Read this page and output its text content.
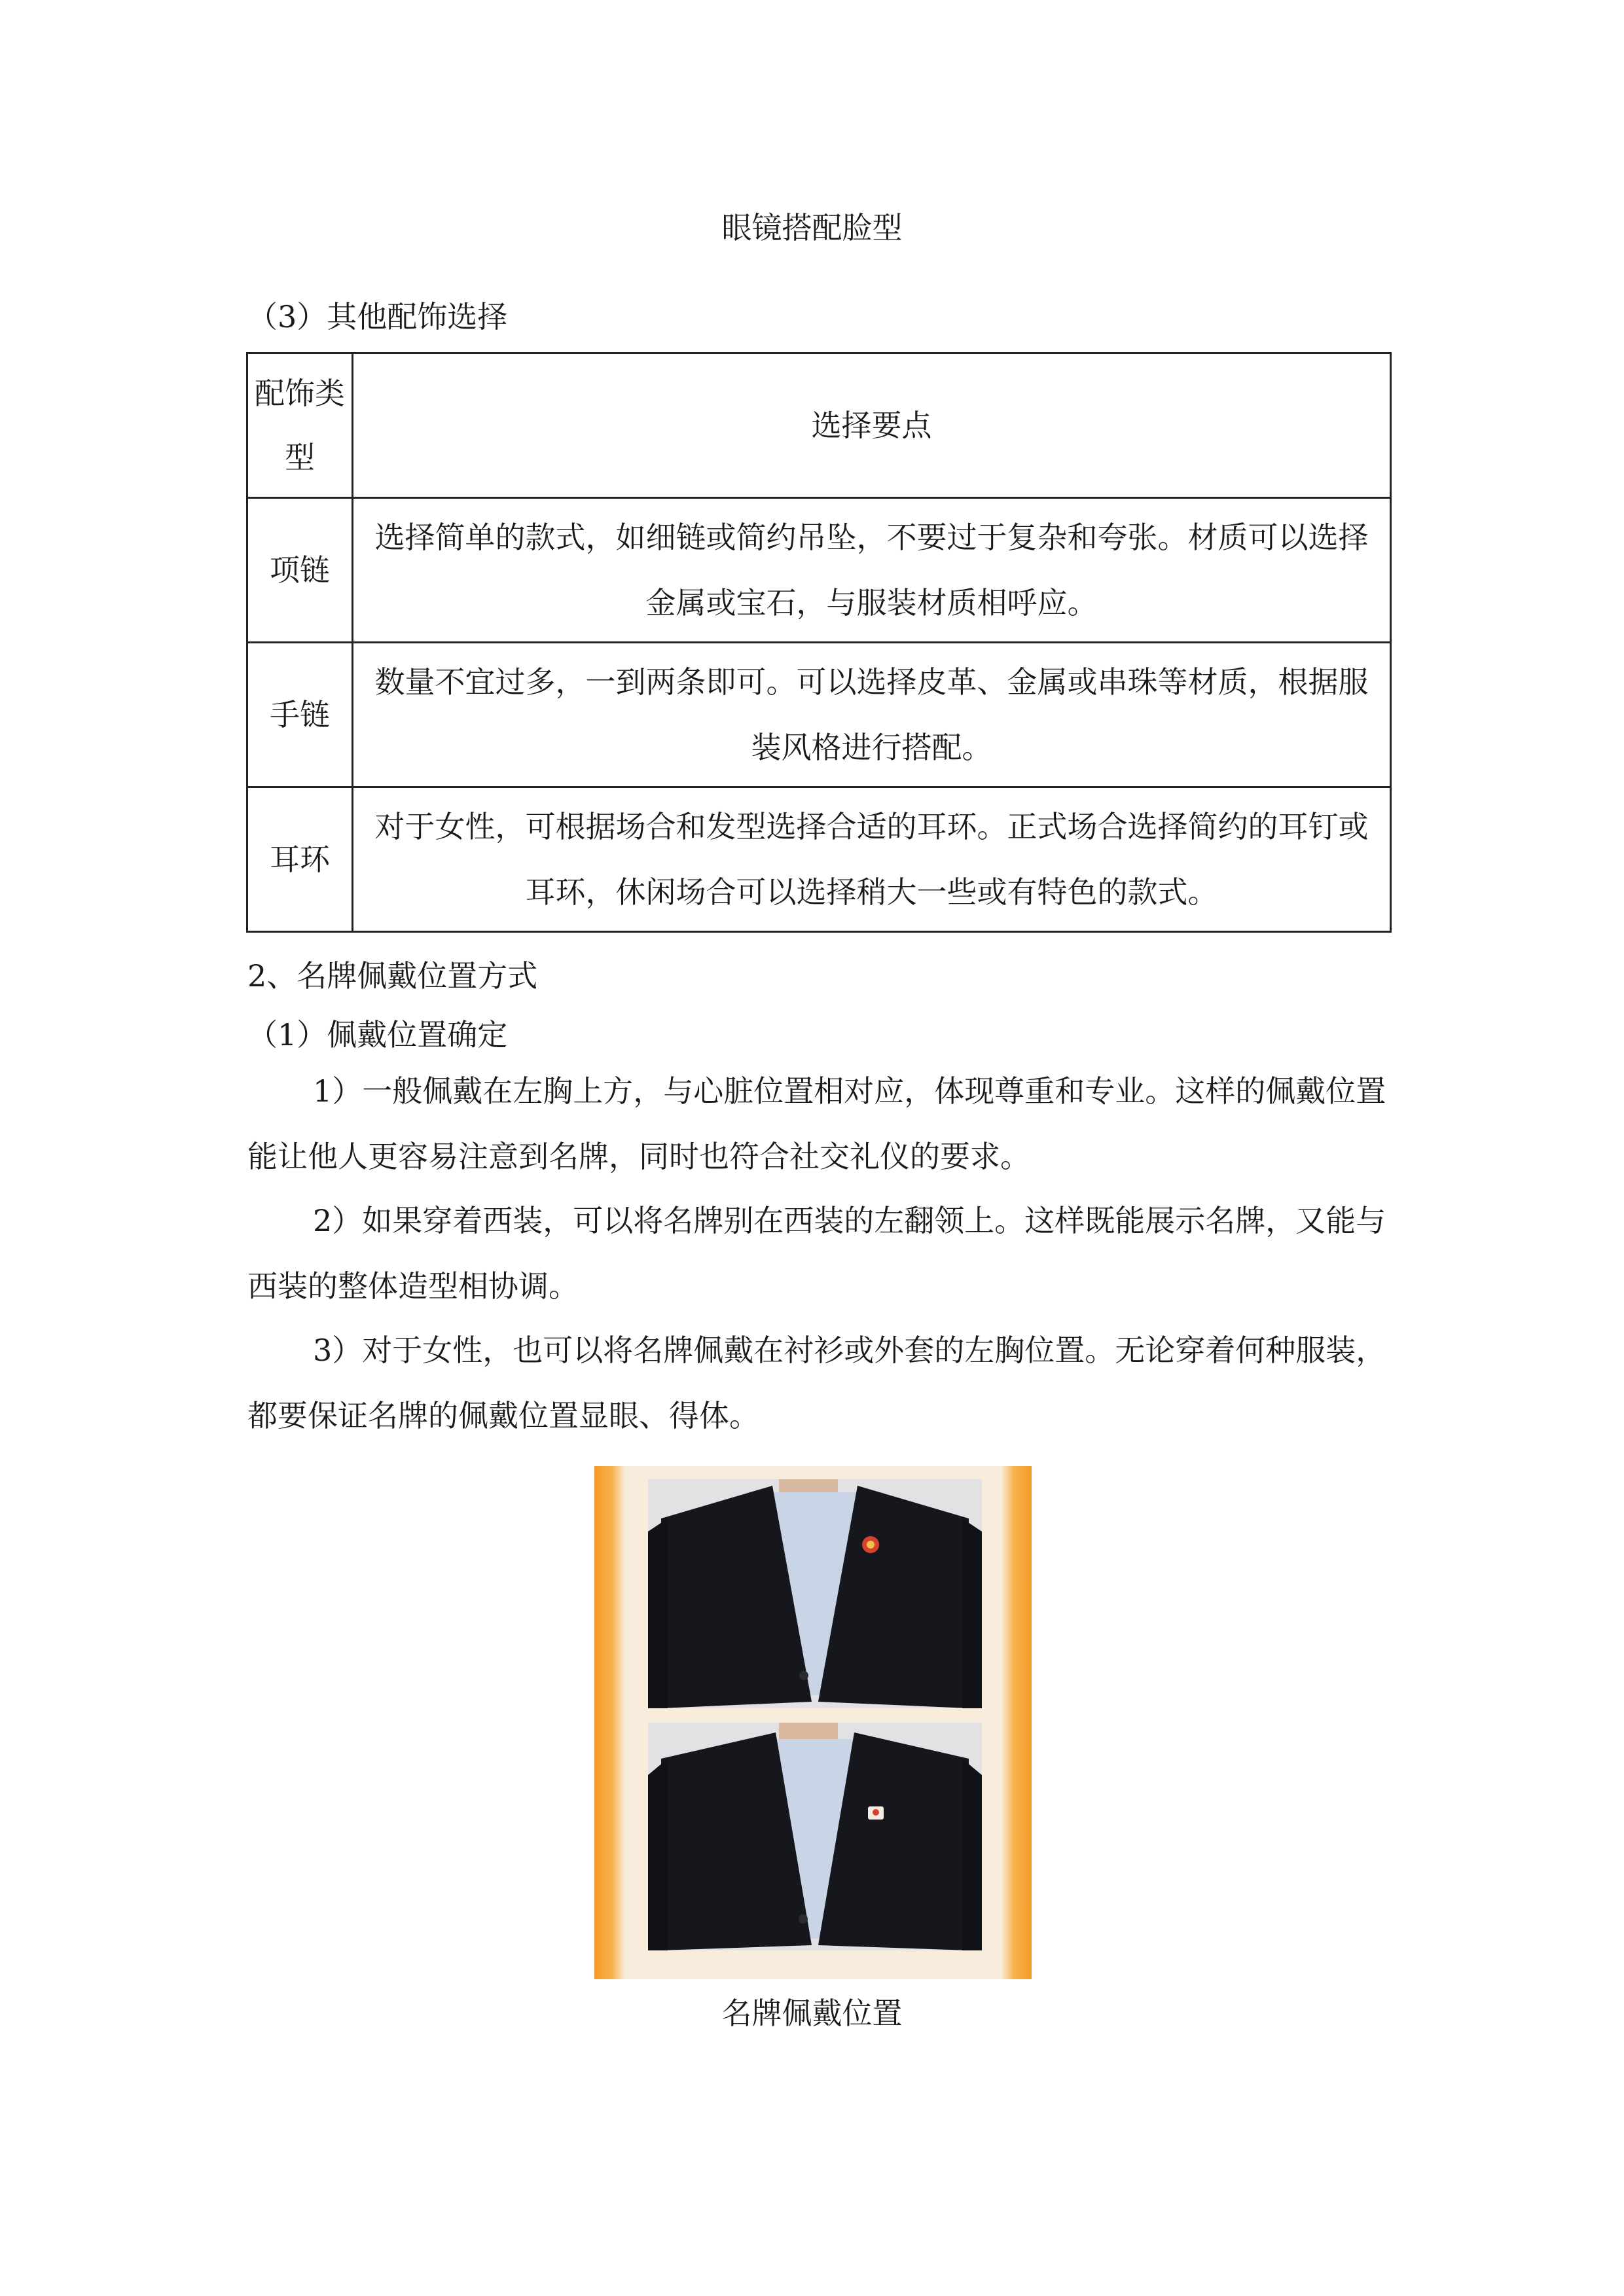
眼镜搭配脸型
（3）其他配饰选择
配饰类型	选择要点
项链	选择简单的款式，如细链或简约吊坠，不要过于复杂和夸张。材质可以选择金属或宝石，与服装材质相呼应。
手链	数量不宜过多，一到两条即可。可以选择皮革、金属或串珠等材质，根据服装风格进行搭配。
耳环	对于女性，可根据场合和发型选择合适的耳环。正式场合选择简约的耳钉或耳环，休闲场合可以选择稍大一些或有特色的款式。
2、名牌佩戴位置方式
（1）佩戴位置确定

1）一般佩戴在左胸上方，与心脏位置相对应，体现尊重和专业。这样的佩戴位置能让他人更容易注意到名牌，同时也符合社交礼仪的要求。

2）如果穿着西装，可以将名牌别在西装的左翻领上。这样既能展示名牌，又能与西装的整体造型相协调。

3）对于女性，也可以将名牌佩戴在衬衫或外套的左胸位置。无论穿着何种服装，都要保证名牌的佩戴位置显眼、得体。

名牌佩戴位置
